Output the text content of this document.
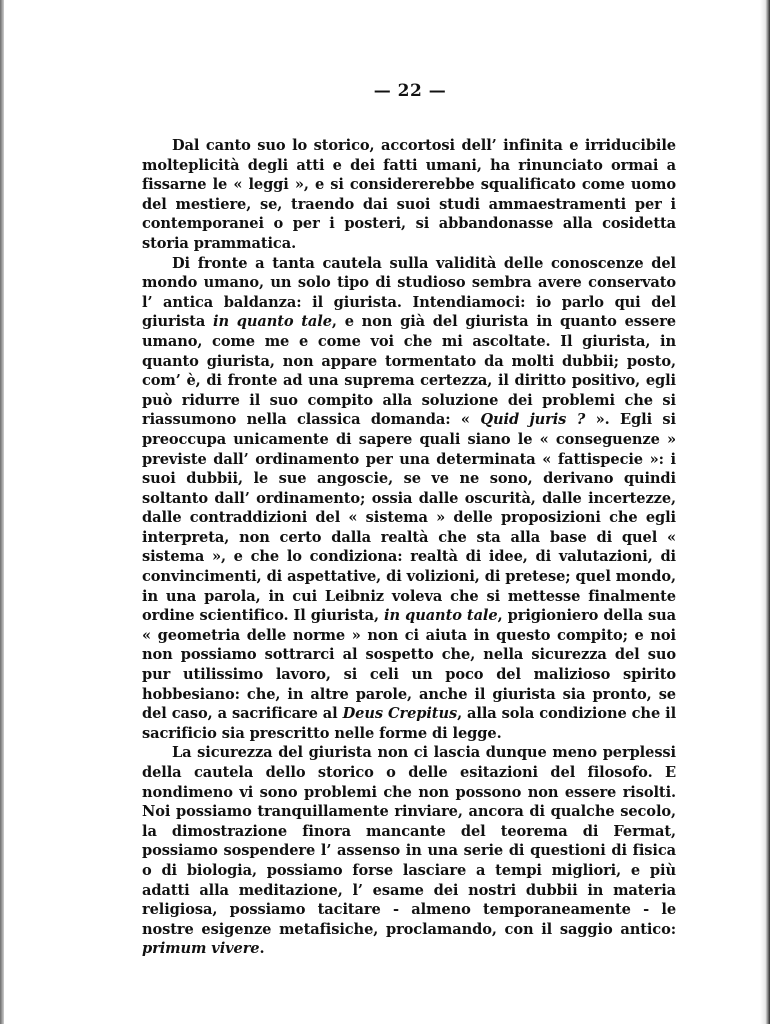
— 22 —

Dal canto suo lo storico, accortosi dell’ infinita e irriducibile molteplicità degli atti e dei fatti umani, ha rinunciato ormai a fissarne le « leggi », e si considererebbe squalificato come uomo del mestiere, se, traendo dai suoi studi ammaestramenti per i contemporanei o per i posteri, si abbandonasse alla cosidetta storia prammatica.

Di fronte a tanta cautela sulla validità delle conoscenze del mondo umano, un solo tipo di studioso sembra avere conservato l’ antica baldanza: il giurista. Intendiamoci: io parlo qui del giurista in quanto tale, e non già del giurista in quanto essere umano, come me e come voi che mi ascoltate. Il giurista, in quanto giurista, non appare tormentato da molti dubbii; posto, com’ è, di fronte ad una suprema certezza, il diritto positivo, egli può ridurre il suo compito alla soluzione dei problemi che si riassumono nella classica domanda: « Quid juris ? ». Egli si preoccupa unicamente di sapere quali siano le « conseguenze » previste dall’ ordinamento per una determinata « fattispecie »: i suoi dubbii, le sue angoscie, se ve ne sono, derivano quindi soltanto dall’ ordinamento; ossia dalle oscurità, dalle incertezze, dalle contraddizioni del « sistema » delle proposizioni che egli interpreta, non certo dalla realtà che sta alla base di quel « sistema », e che lo condiziona: realtà di idee, di valutazioni, di convincimenti, di aspettative, di volizioni, di pretese; quel mondo, in una parola, in cui Leibniz voleva che si mettesse finalmente ordine scientifico. Il giurista, in quanto tale, prigioniero della sua « geometria delle norme » non ci aiuta in questo compito; e noi non possiamo sottrarci al sospetto che, nella sicurezza del suo pur utilissimo lavoro, si celi un poco del malizioso spirito hobbesiano: che, in altre parole, anche il giurista sia pronto, se del caso, a sacrificare al Deus Crepitus, alla sola condizione che il sacrificio sia prescritto nelle forme di legge.

La sicurezza del giurista non ci lascia dunque meno perplessi della cautela dello storico o delle esitazioni del filosofo. E nondimeno vi sono problemi che non possono non essere risolti. Noi possiamo tranquillamente rinviare, ancora di qualche secolo, la dimostrazione finora mancante del teorema di Fermat, possiamo sospendere l’ assenso in una serie di questioni di fisica o di biologia, possiamo forse lasciare a tempi migliori, e più adatti alla meditazione, l’ esame dei nostri dubbii in materia religiosa, possiamo tacitare - almeno temporaneamente - le nostre esigenze metafisiche, proclamando, con il saggio antico: primum vivere.
